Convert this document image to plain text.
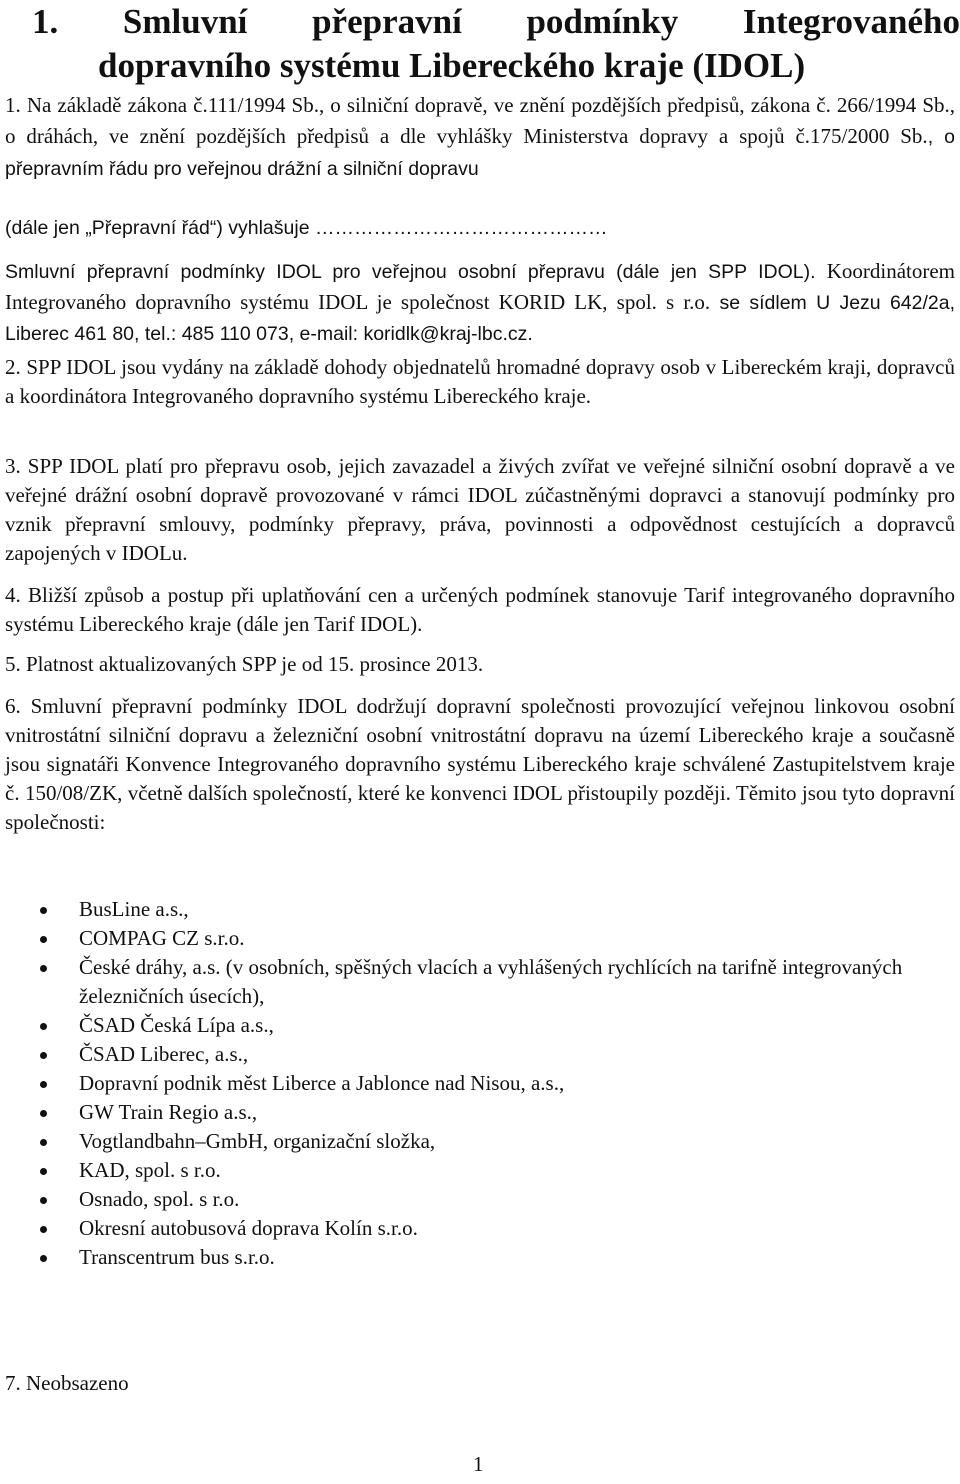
1. Smluvní přepravní podmínky Integrovaného
dopravního systému Libereckého kraje (IDOL)

1. Na základě zákona č.111/1994 Sb., o silniční dopravě, ve znění pozdějších předpisů, zákona č. 266/1994 Sb., o dráhách, ve znění pozdějších předpisů a dle vyhlášky Ministerstva dopravy a spojů č.175/2000 Sb., o přepravním řádu pro veřejnou drážní a silniční dopravu

(dále jen „Přepravní řád“) vyhlašuje ………………………………………

Smluvní přepravní podmínky IDOL pro veřejnou osobní přepravu (dále jen SPP IDOL). Koordinátorem Integrovaného dopravního systému IDOL je společnost KORID LK, spol. s r.o. se sídlem U Jezu 642/2a, Liberec 461 80, tel.: 485 110 073, e-mail: koridlk@kraj-lbc.cz.

2. SPP IDOL jsou vydány na základě dohody objednatelů hromadné dopravy osob v Libereckém kraji, dopravců a koordinátora Integrovaného dopravního systému Libereckého kraje.

3. SPP IDOL platí pro přepravu osob, jejich zavazadel a živých zvířat ve veřejné silniční osobní dopravě a ve veřejné drážní osobní dopravě provozované v rámci IDOL zúčastněnými dopravci a stanovují podmínky pro vznik přepravní smlouvy, podmínky přepravy, práva, povinnosti a odpovědnost cestujících a dopravců zapojených v IDOLu.

4. Bližší způsob a postup při uplatňování cen a určených podmínek stanovuje Tarif integrovaného dopravního systému Libereckého kraje (dále jen Tarif IDOL).

5. Platnost aktualizovaných SPP je od 15. prosince 2013.

6. Smluvní přepravní podmínky IDOL dodržují dopravní společnosti provozující veřejnou linkovou osobní vnitrostátní silniční dopravu a železniční osobní vnitrostátní dopravu na území Libereckého kraje a současně jsou signatáři Konvence Integrovaného dopravního systému Libereckého kraje schválené Zastupitelstvem kraje č. 150/08/ZK, včetně dalších společností, které ke konvenci IDOL přistoupily později. Těmito jsou tyto dopravní společnosti:

BusLine a.s.,
COMPAG CZ s.r.o.
České dráhy, a.s. (v osobních, spěšných vlacích a vyhlášených rychlících na tarifně integrovaných železničních úsecích),
ČSAD Česká Lípa a.s.,
ČSAD Liberec, a.s.,
Dopravní podnik měst Liberce a Jablonce nad Nisou, a.s.,
GW Train Regio a.s.,
Vogtlandbahn–GmbH, organizační složka,
KAD, spol. s r.o.
Osnado, spol. s r.o.
Okresní autobusová doprava Kolín s.r.o.
Transcentrum bus s.r.o.

7. Neobsazeno

1
